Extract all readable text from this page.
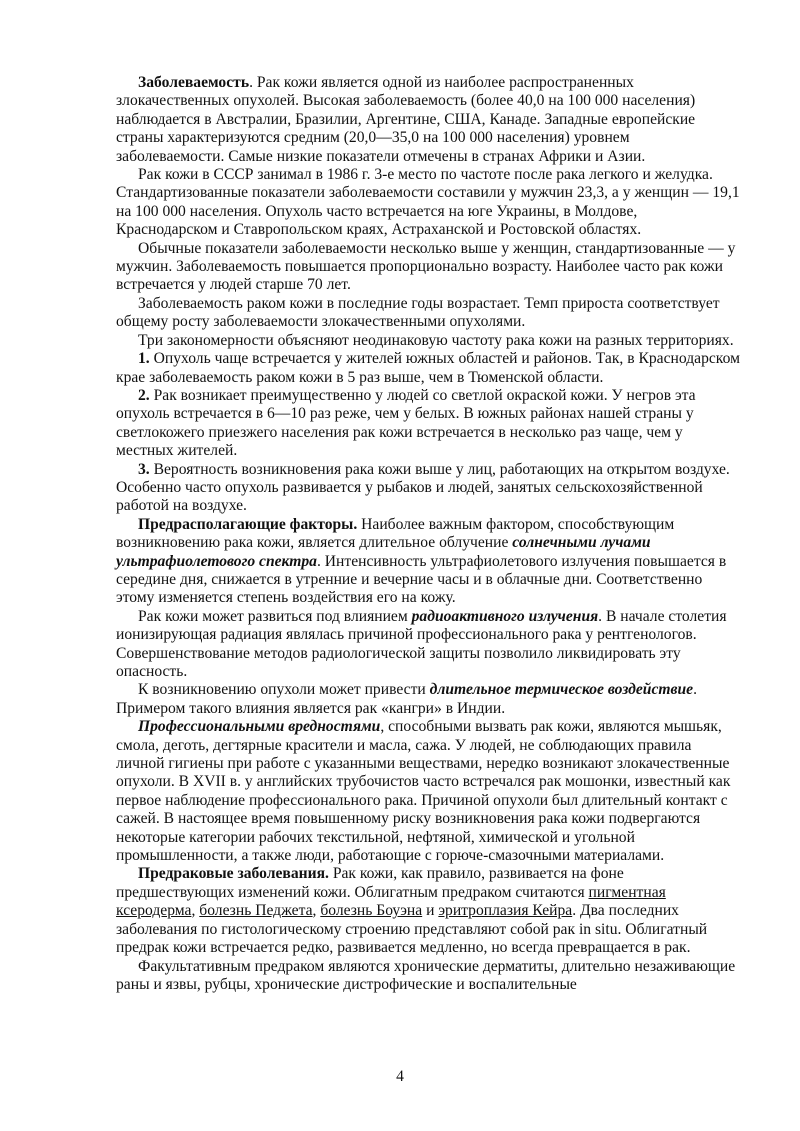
Заболеваемость. Рак кожи является одной из наиболее распространенных злокачественных опухолей. Высокая заболеваемость (более 40,0 на 100 000 населения) наблюдается в Австралии, Бразилии, Аргентине, США, Канаде. Западные европейские страны характеризуются средним (20,0—35,0 на 100 000 населения) уровнем заболеваемости. Самые низкие показатели отмечены в странах Африки и Азии.

Рак кожи в СССР занимал в 1986 г. 3-е место по частоте после рака легкого и желудка. Стандартизованные показатели заболеваемости составили у мужчин 23,3, а у женщин — 19,1 на 100 000 населения. Опухоль часто встречается на юге Украины, в Молдове, Краснодарском и Ставропольском краях, Астраханской и Ростовской областях.

Обычные показатели заболеваемости несколько выше у женщин, стандартизованные — у мужчин. Заболеваемость повышается пропорционально возрасту. Наиболее часто рак кожи встречается у людей старше 70 лет.

Заболеваемость раком кожи в последние годы возрастает. Темп прироста соответствует общему росту заболеваемости злокачественными опухолями.

Три закономерности объясняют неодинаковую частоту рака кожи на разных территориях.

1. Опухоль чаще встречается у жителей южных областей и районов. Так, в Краснодарском крае заболеваемость раком кожи в 5 раз выше, чем в Тюменской области.

2. Рак возникает преимущественно у людей со светлой окраской кожи. У негров эта опухоль встречается в 6—10 раз реже, чем у белых. В южных районах нашей страны у светлокожего приезжего населения рак кожи встречается в несколько раз чаще, чем у местных жителей.

3. Вероятность возникновения рака кожи выше у лиц, работающих на открытом воздухе. Особенно часто опухоль развивается у рыбаков и людей, занятых сельскохозяйственной работой на воздухе.

Предрасполагающие факторы. Наиболее важным фактором, способствующим возникновению рака кожи, является длительное облучение солнечными лучами ультрафиолетового спектра. Интенсивность ультрафиолетового излучения повышается в середине дня, снижается в утренние и вечерние часы и в облачные дни. Соответственно этому изменяется степень воздействия его на кожу.

Рак кожи может развиться под влиянием радиоактивного излучения. В начале столетия ионизирующая радиация являлась причиной профессионального рака у рентгенологов. Совершенствование методов радиологической защиты позволило ликвидировать эту опасность.

К возникновению опухоли может привести длительное термическое воздействие. Примером такого влияния является рак «кангри» в Индии.

Профессиональными вредностями, способными вызвать рак кожи, являются мышьяк, смола, деготь, дегтярные красители и масла, сажа. У людей, не соблюдающих правила личной гигиены при работе с указанными веществами, нередко возникают злокачественные опухоли. В XVII в. у английских трубочистов часто встречался рак мошонки, известный как первое наблюдение профессионального рака. Причиной опухоли был длительный контакт с сажей. В настоящее время повышенному риску возникновения рака кожи подвергаются некоторые категории рабочих текстильной, нефтяной, химической и угольной промышленности, а также люди, работающие с горюче-смазочными материалами.

Предраковые заболевания. Рак кожи, как правило, развивается на фоне предшествующих изменений кожи. Облигатным предраком считаются пигментная ксеродерма, болезнь Педжета, болезнь Боуэна и эритроплазия Кейра. Два последних заболевания по гистологическому строению представляют собой рак in situ. Облигатный предрак кожи встречается редко, развивается медленно, но всегда превращается в рак.

Факультативным предраком являются хронические дерматиты, длительно незаживающие раны и язвы, рубцы, хронические дистрофические и воспалительные

4
